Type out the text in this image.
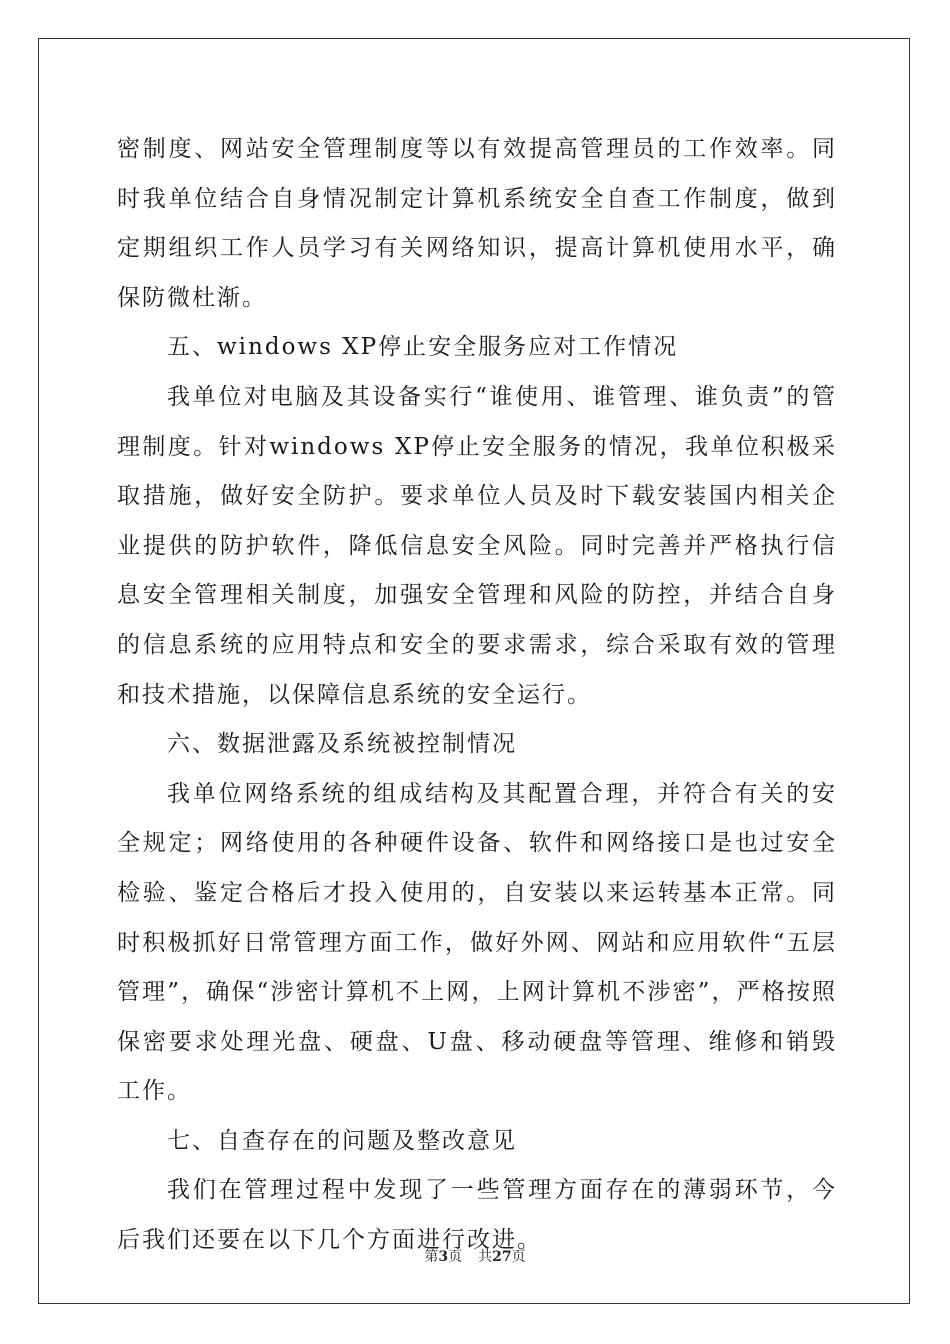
密制度、网站安全管理制度等以有效提高管理员的工作效率。同时我单位结合自身情况制定计算机系统安全自查工作制度，做到定期组织工作人员学习有关网络知识，提高计算机使用水平，确保防微杜渐。

五、windows XP停止安全服务应对工作情况

我单位对电脑及其设备实行“谁使用、谁管理、谁负责”的管理制度。针对windows XP停止安全服务的情况，我单位积极采取措施，做好安全防护。要求单位人员及时下载安装国内相关企业提供的防护软件，降低信息安全风险。同时完善并严格执行信息安全管理相关制度，加强安全管理和风险的防控，并结合自身的信息系统的应用特点和安全的要求需求，综合采取有效的管理和技术措施，以保障信息系统的安全运行。

六、数据泄露及系统被控制情况

我单位网络系统的组成结构及其配置合理，并符合有关的安全规定；网络使用的各种硬件设备、软件和网络接口是也过安全检验、鉴定合格后才投入使用的，自安装以来运转基本正常。同时积极抓好日常管理方面工作，做好外网、网站和应用软件“五层管理”，确保“涉密计算机不上网，上网计算机不涉密”，严格按照保密要求处理光盘、硬盘、U盘、移动硬盘等管理、维修和销毁工作。

七、自查存在的问题及整改意见

我们在管理过程中发现了一些管理方面存在的薄弱环节，今后我们还要在以下几个方面进行改进。

第3页 共27页
